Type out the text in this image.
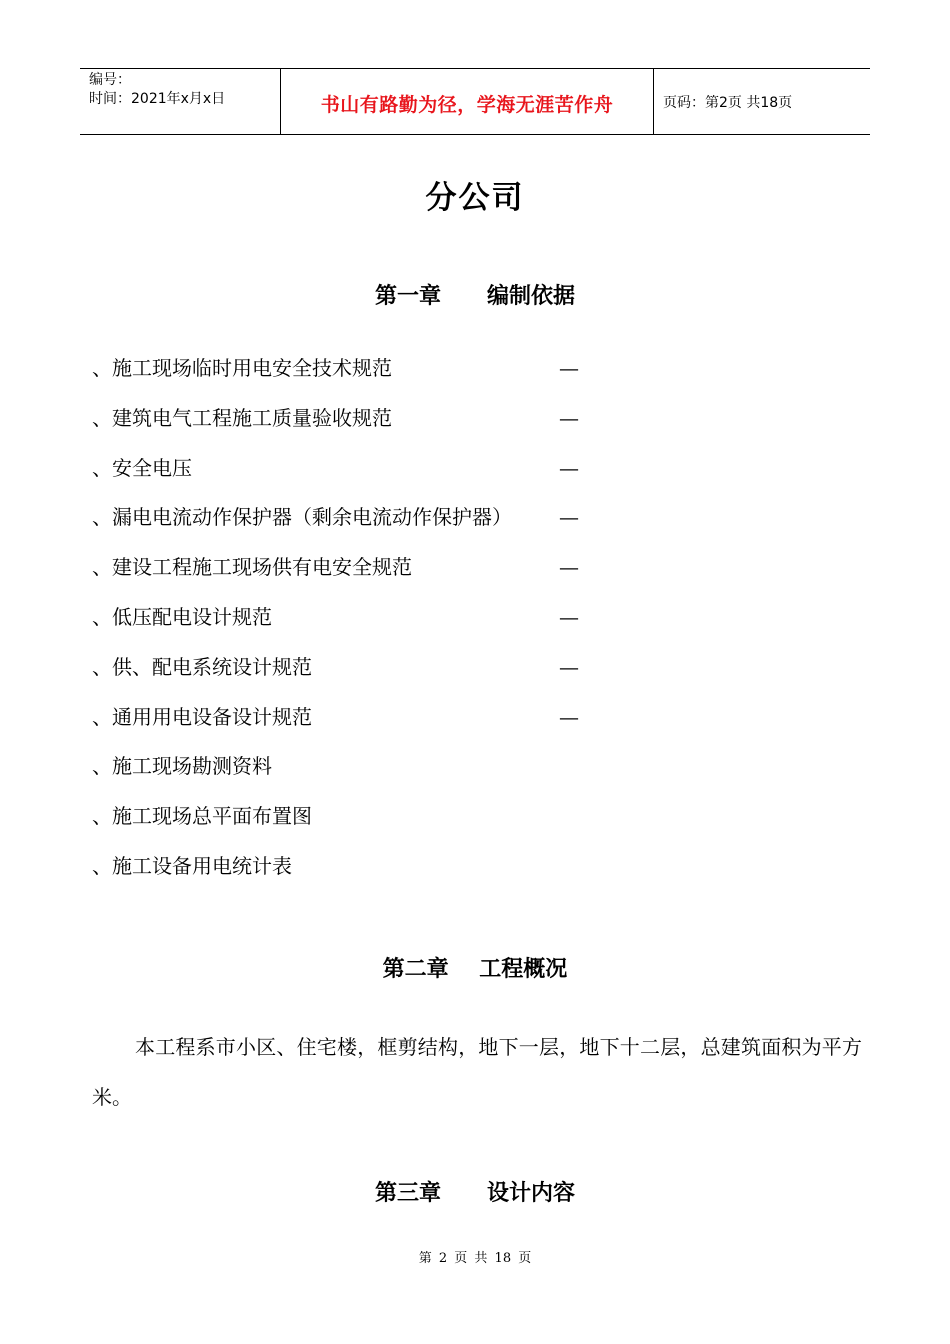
编号：
时间：2021年x月x日	书山有路勤为径，学海无涯苦作舟	页码：第2页 共18页
分公司
第一章      编制依据
、施工现场临时用电安全技术规范	—
、建筑电气工程施工质量验收规范	—
、安全电压	—
、漏电电流动作保护器（剩余电流动作保护器） —
、建设工程施工现场供有电安全规范	—
、低压配电设计规范	—
、供、配电系统设计规范	—
、通用用电设备设计规范	—
、施工现场勘测资料
、施工现场总平面布置图
、施工设备用电统计表
第二章    工程概况

本工程系市小区、住宅楼，框剪结构，地下一层，地下十二层，总建筑面积为平方米。

第三章      设计内容
第 2 页 共 18 页
